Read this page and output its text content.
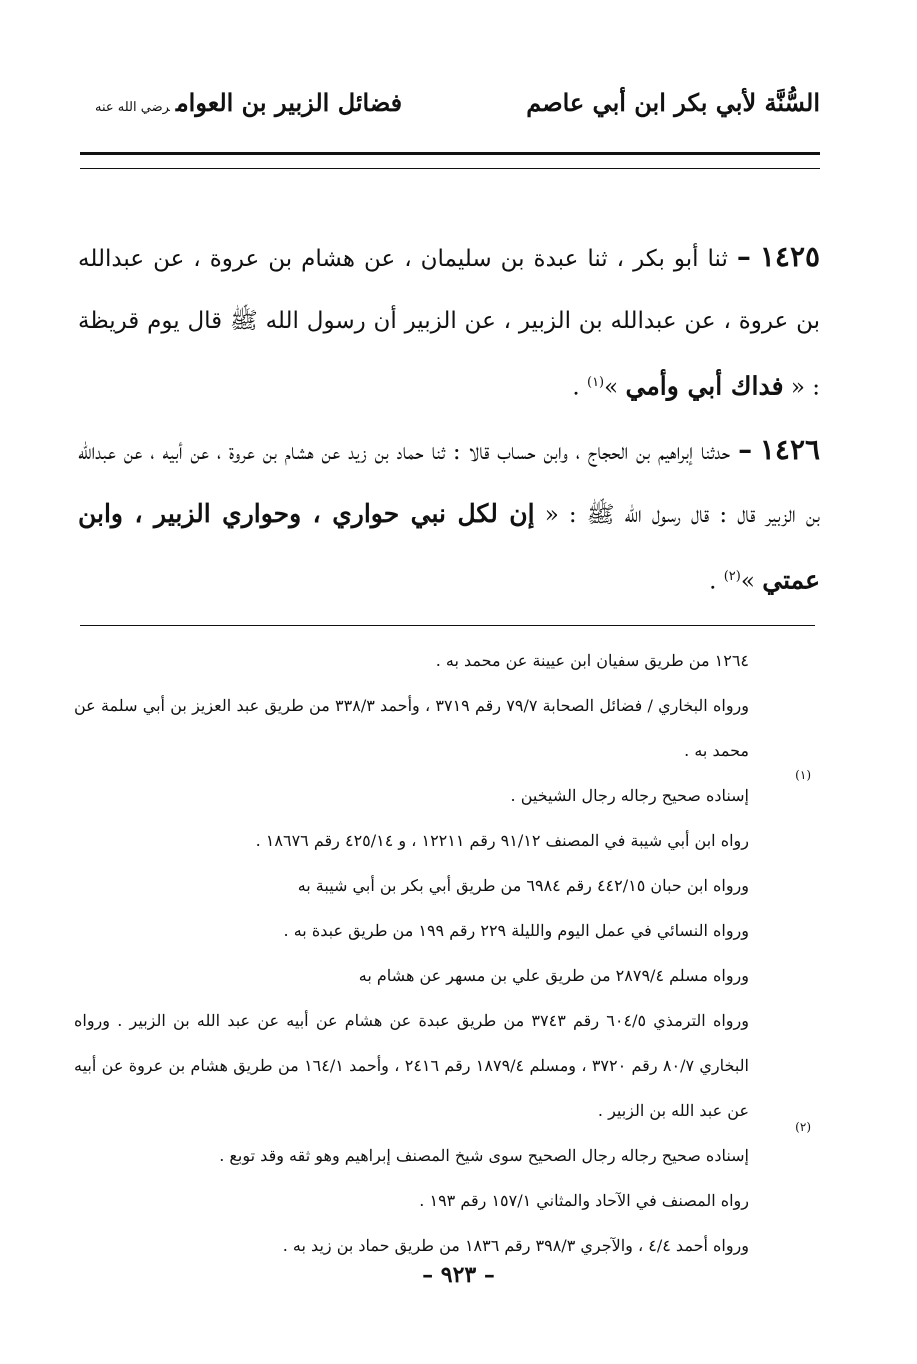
السُّنَّة لأبي بكر ابن أبي عاصم
فضائل الزبير بن العوامرضي الله عنه

١٤٢٥ – ثنا أبو بكر ، ثنا عبدة بن سليمان ، عن هشام بن عروة ، عن عبدالله بن عروة ، عن عبدالله بن الزبير ، عن الزبير أن رسول الله ﷺ قال يوم قريظة : « فداك أبي وأمي »$^{(١)}$ .

١٤٢٦ – حدثنا إبراهيم بن الحجاج ، وابن حساب قالا : ثنا حماد بن زيد عن هشام بن عروة ، عن أبيه ، عن عبدالله بن الزبير قال : قال رسول الله ﷺ : « إن لكل نبي حواري ، وحواري الزبير ، وابن عمتي »$^{(٢)}$ .

(١)
(٢)

١٢٦٤ من طريق سفيان ابن عيينة عن محمد به .

ورواه البخاري / فضائل الصحابة ٧٩/٧ رقم ٣٧١٩ ، وأحمد ٣٣٨/٣ من طريق عبد العزيز بن أبي سلمة عن محمد به .

إسناده صحيح رجاله رجال الشيخين .

رواه ابن أبي شيبة في المصنف ٩١/١٢ رقم ١٢٢١١ ، و ٤٢٥/١٤ رقم ١٨٦٧٦ .

ورواه ابن حبان ٤٤٢/١٥ رقم ٦٩٨٤ من طريق أبي بكر بن أبي شيبة به

ورواه النسائي في عمل اليوم والليلة ٢٢٩ رقم ١٩٩ من طريق عبدة به .

ورواه مسلم ٢٨٧٩/٤ من طريق علي بن مسهر عن هشام به

ورواه الترمذي ٦٠٤/٥ رقم ٣٧٤٣ من طريق عبدة عن هشام عن أبيه عن عبد الله بن الزبير . ورواه البخاري ٨٠/٧ رقم ٣٧٢٠ ، ومسلم ١٨٧٩/٤ رقم ٢٤١٦ ، وأحمد ١٦٤/١ من طريق هشام بن عروة عن أبيه عن عبد الله بن الزبير .

إسناده صحيح رجاله رجال الصحيح سوى شيخ المصنف إبراهيم وهو ثقه وقد توبع .

رواه المصنف في الآحاد والمثاني ١٥٧/١ رقم ١٩٣ .

ورواه أحمد ٤/٤ ، والآجري ٣٩٨/٣ رقم ١٨٣٦ من طريق حماد بن زيد به .

– ٩٢٣ –
